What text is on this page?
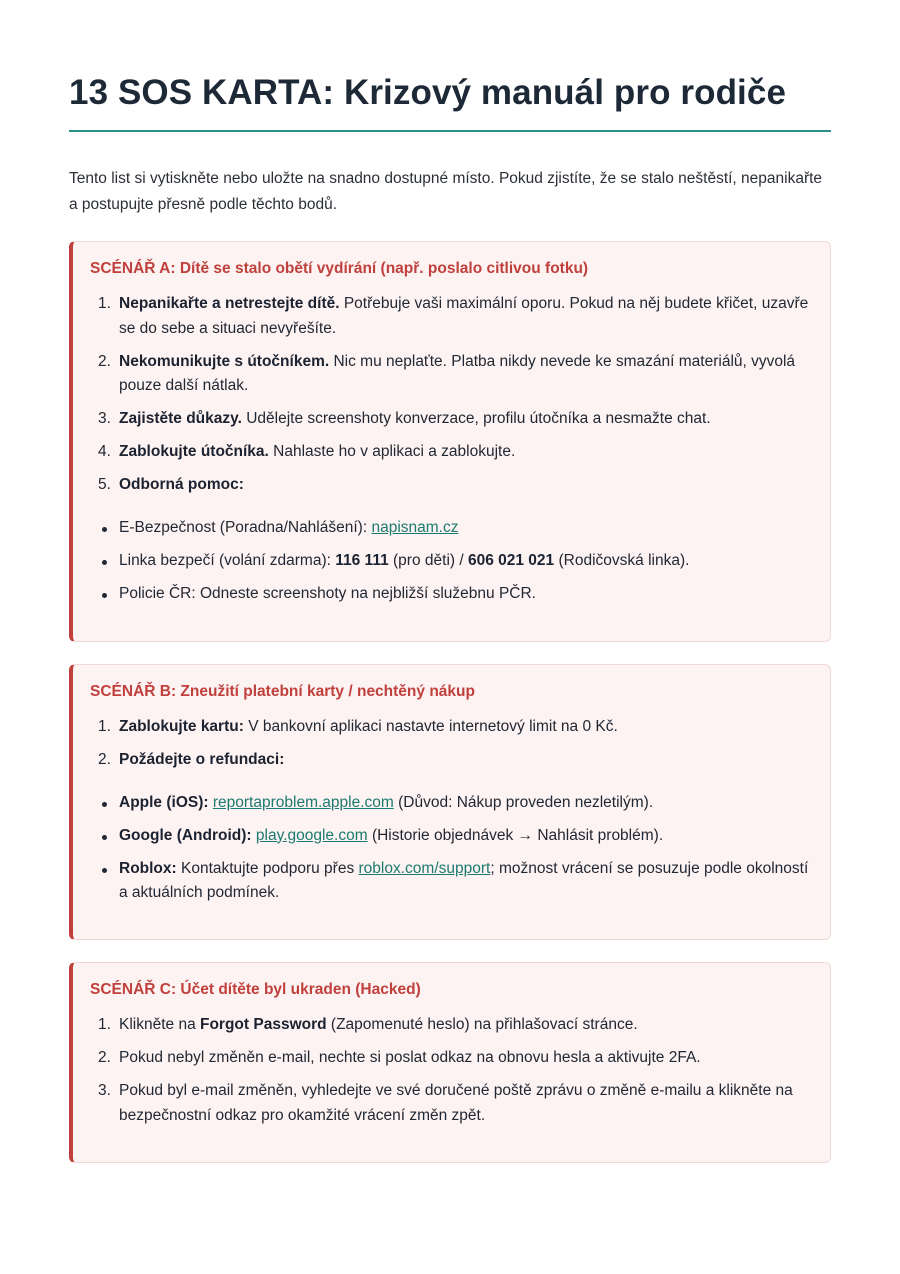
13 SOS KARTA: Krizový manuál pro rodiče

Tento list si vytiskněte nebo uložte na snadno dostupné místo. Pokud zjistíte, že se stalo neštěstí, nepanikařte a postupujte přesně podle těchto bodů.

SCÉNÁŘ A: Dítě se stalo obětí vydírání (např. poslalo citlivou fotku)
1. Nepanikařte a netrestejte dítě. Potřebuje vaši maximální oporu. Pokud na něj budete křičet, uzavře se do sebe a situaci nevyřešíte.
2. Nekomunikujte s útočníkem. Nic mu neplaťte. Platba nikdy nevede ke smazání materiálů, vyvolá pouze další nátlak.
3. Zajistěte důkazy. Udělejte screenshoty konverzace, profilu útočníka a nesmažte chat.
4. Zablokujte útočníka. Nahlaste ho v aplikaci a zablokujte.
5. Odborná pomoc:
E-Bezpečnost (Poradna/Nahlášení): napisnam.cz
Linka bezpečí (volání zdarma): 116 111 (pro děti) / 606 021 021 (Rodičovská linka).
Policie ČR: Odneste screenshoty na nejbližší služebnu PČR.
SCÉNÁŘ B: Zneužití platební karty / nechtěný nákup
1. Zablokujte kartu: V bankovní aplikaci nastavte internetový limit na 0 Kč.
2. Požádejte o refundaci:
Apple (iOS): reportaproblem.apple.com (Důvod: Nákup proveden nezletilým).
Google (Android): play.google.com (Historie objednávek → Nahlásit problém).
Roblox: Kontaktujte podporu přes roblox.com/support; možnost vrácení se posuzuje podle okolností a aktuálních podmínek.
SCÉNÁŘ C: Účet dítěte byl ukraden (Hacked)
1. Klikněte na Forgot Password (Zapomenuté heslo) na přihlašovací stránce.
2. Pokud nebyl změněn e-mail, nechte si poslat odkaz na obnovu hesla a aktivujte 2FA.
3. Pokud byl e-mail změněn, vyhledejte ve své doručené poště zprávu o změně e-mailu a klikněte na bezpečnostní odkaz pro okamžité vrácení změn zpět.
